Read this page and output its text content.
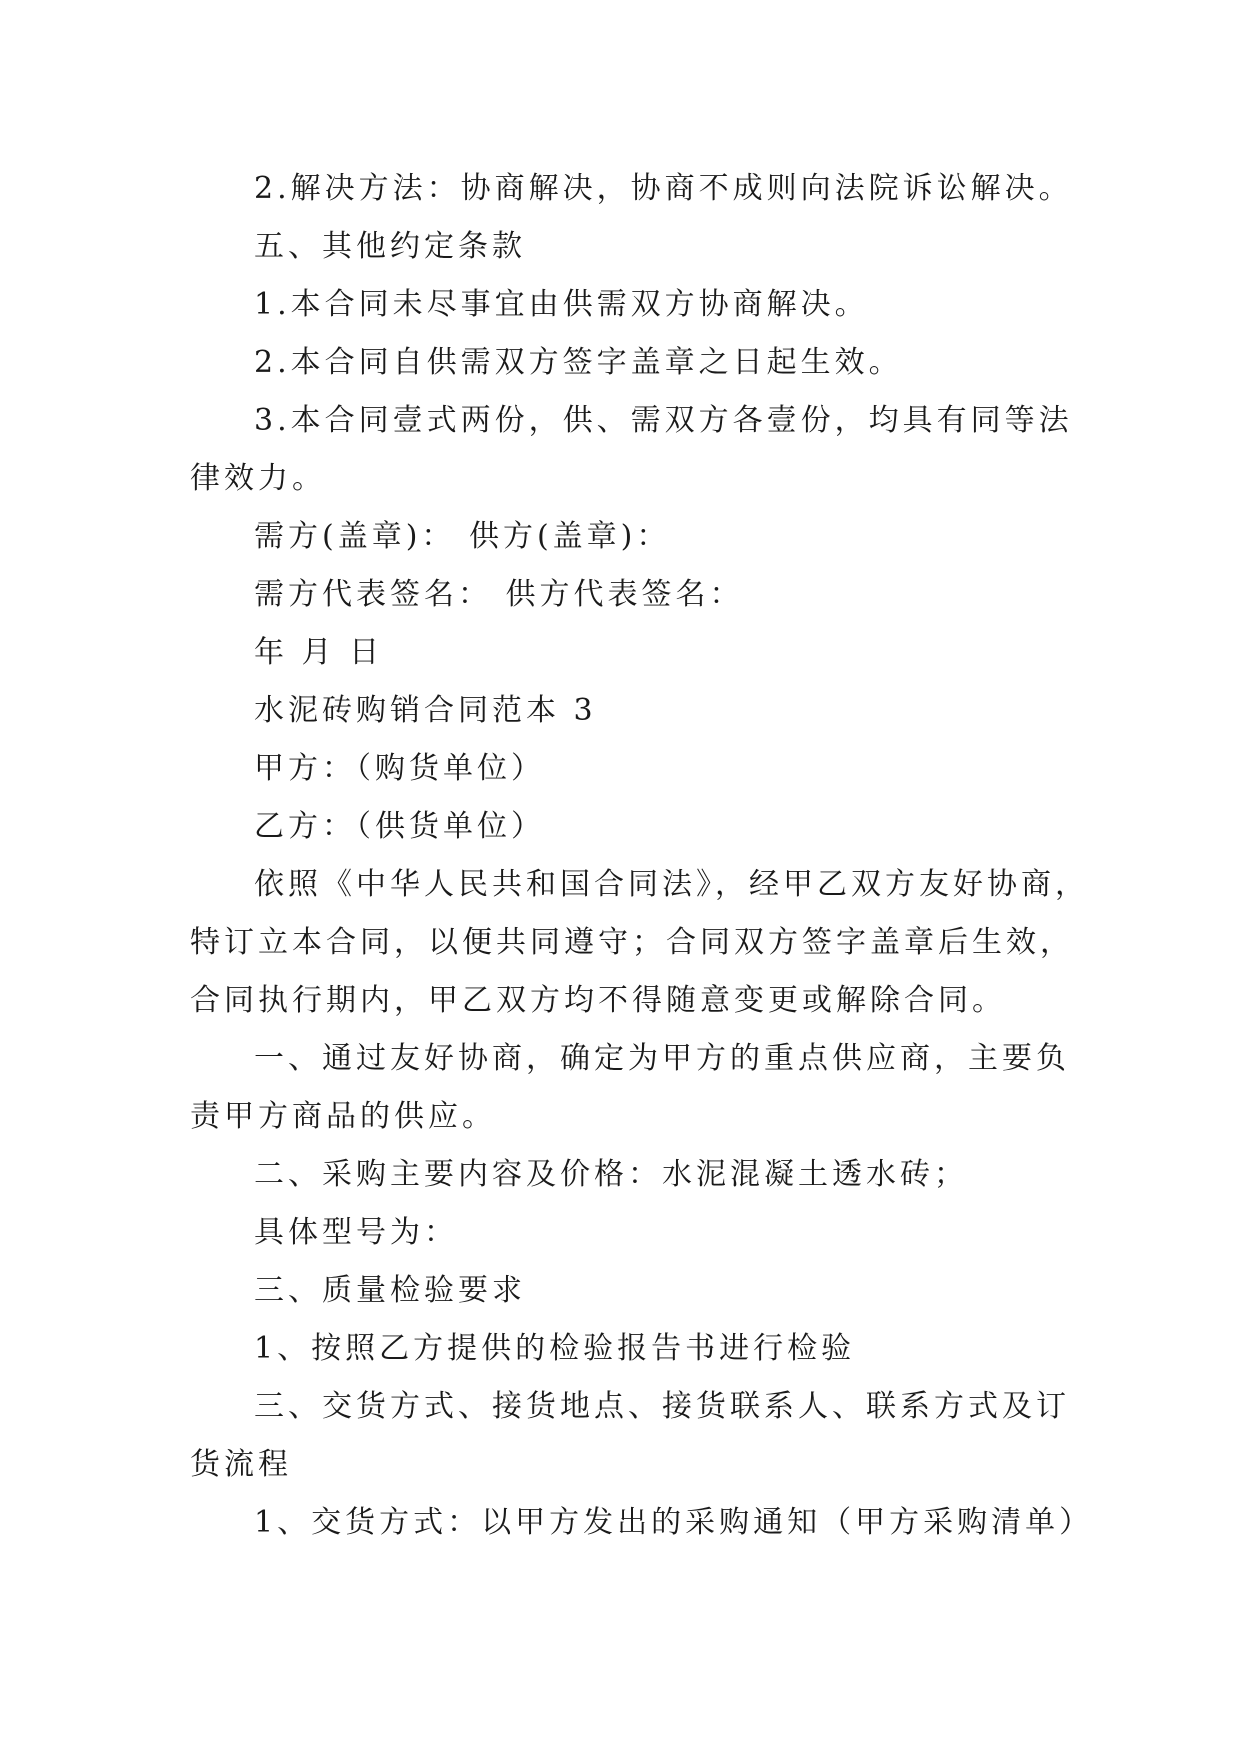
2.解决方法：协商解决，协商不成则向法院诉讼解决。

五、其他约定条款

1.本合同未尽事宜由供需双方协商解决。

2.本合同自供需双方签字盖章之日起生效。

3.本合同壹式两份，供、需双方各壹份，均具有同等法

律效力。

需方(盖章)： 供方(盖章)：

需方代表签名： 供方代表签名：

年 月 日

水泥砖购销合同范本 3

甲方：（购货单位）

乙方：（供货单位）

依照《中华人民共和国合同法》，经甲乙双方友好协商，

特订立本合同，以便共同遵守；合同双方签字盖章后生效，

合同执行期内，甲乙双方均不得随意变更或解除合同。

一、通过友好协商，确定为甲方的重点供应商，主要负

责甲方商品的供应。

二、采购主要内容及价格：水泥混凝土透水砖；

具体型号为：

三、质量检验要求

1、按照乙方提供的检验报告书进行检验

三、交货方式、接货地点、接货联系人、联系方式及订

货流程

1、交货方式：以甲方发出的采购通知（甲方采购清单）
